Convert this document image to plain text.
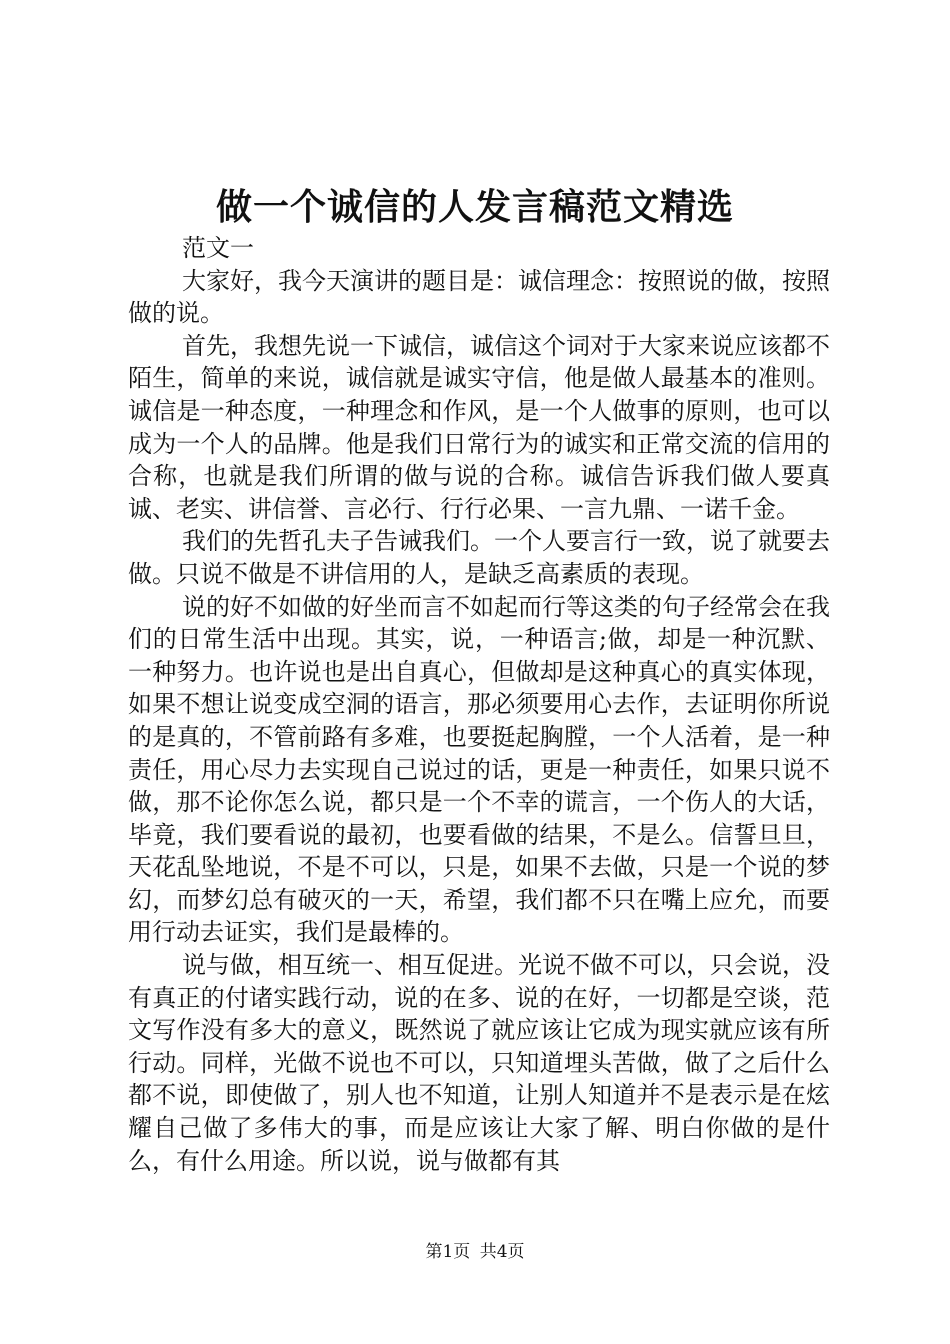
做一个诚信的人发言稿范文精选
范文一

大家好，我今天演讲的题目是：诚信理念：按照说的做，按照做的说。

首先，我想先说一下诚信，诚信这个词对于大家来说应该都不陌生，简单的来说，诚信就是诚实守信，他是做人最基本的准则。诚信是一种态度，一种理念和作风，是一个人做事的原则，也可以成为一个人的品牌。他是我们日常行为的诚实和正常交流的信用的合称，也就是我们所谓的做与说的合称。诚信告诉我们做人要真诚、老实、讲信誉、言必行、行行必果、一言九鼎、一诺千金。

我们的先哲孔夫子告诫我们。一个人要言行一致，说了就要去做。只说不做是不讲信用的人，是缺乏高素质的表现。

说的好不如做的好坐而言不如起而行等这类的句子经常会在我们的日常生活中出现。其实，说，一种语言;做，却是一种沉默、一种努力。也许说也是出自真心，但做却是这种真心的真实体现，如果不想让说变成空洞的语言，那必须要用心去作，去证明你所说的是真的，不管前路有多难，也要挺起胸膛，一个人活着，是一种责任，用心尽力去实现自己说过的话，更是一种责任，如果只说不做，那不论你怎么说，都只是一个不幸的谎言，一个伤人的大话，毕竟，我们要看说的最初，也要看做的结果，不是么。信誓旦旦，天花乱坠地说，不是不可以，只是，如果不去做，只是一个说的梦幻，而梦幻总有破灭的一天，希望，我们都不只在嘴上应允，而要用行动去证实，我们是最棒的。

说与做，相互统一、相互促进。光说不做不可以，只会说，没有真正的付诸实践行动，说的在多、说的在好，一切都是空谈，范文写作没有多大的意义，既然说了就应该让它成为现实就应该有所行动。同样，光做不说也不可以，只知道埋头苦做，做了之后什么都不说，即使做了，别人也不知道，让别人知道并不是表示是在炫耀自己做了多伟大的事，而是应该让大家了解、明白你做的是什么，有什么用途。所以说，说与做都有其

第1页 共4页
